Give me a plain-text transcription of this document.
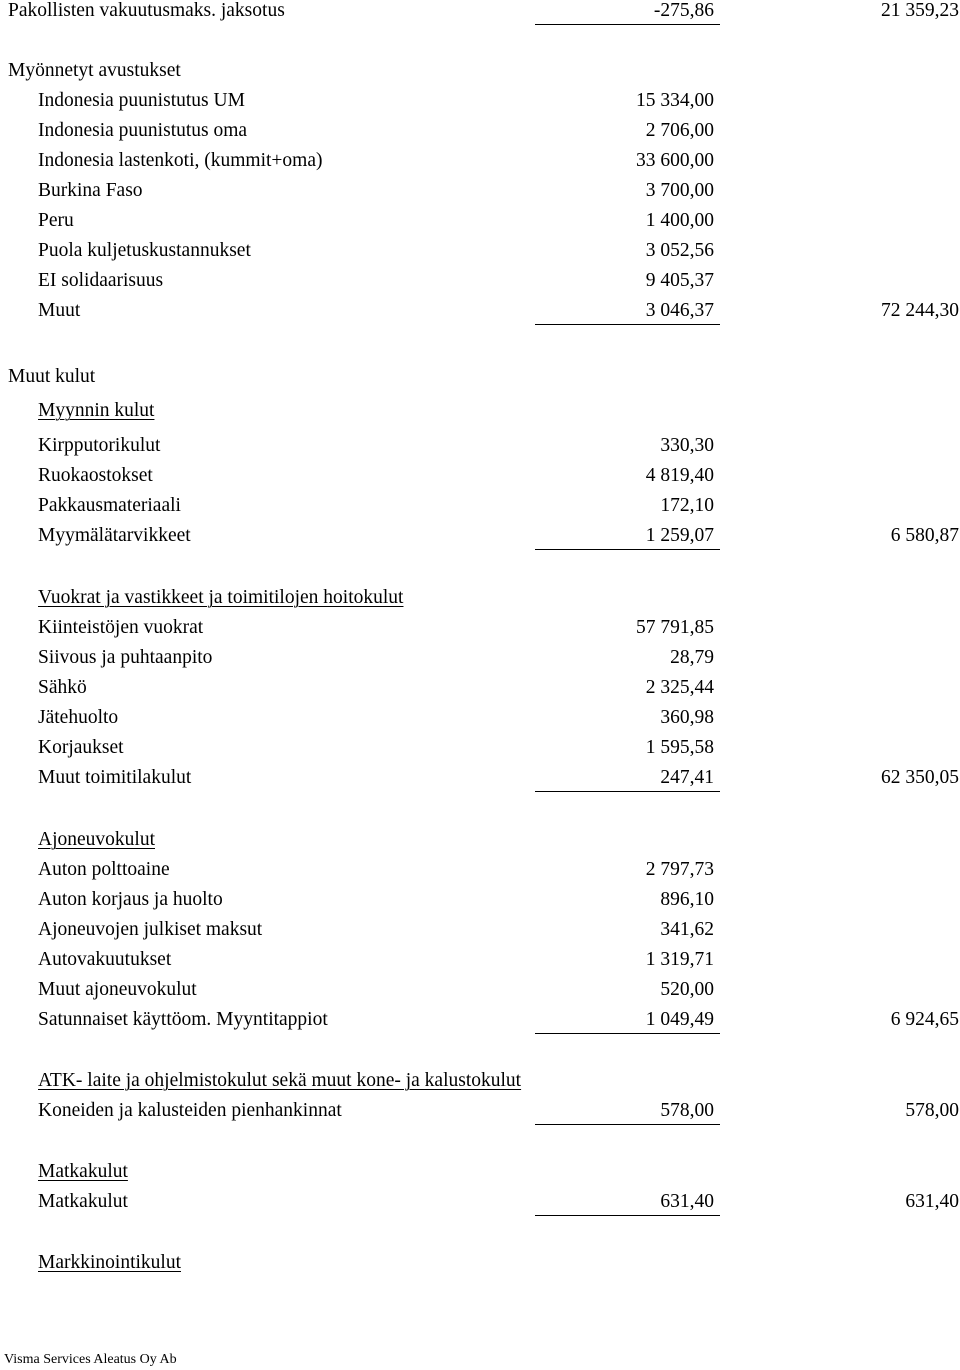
Pakollisten vakuutusmaks. jaksotus	-275,86	21 359,23
Myönnetyt avustukset
Indonesia puunistutus UM	15 334,00
Indonesia puunistutus oma	2 706,00
Indonesia lastenkoti, (kummit+oma)	33 600,00
Burkina Faso	3 700,00
Peru	1 400,00
Puola kuljetuskustannukset	3 052,56
EI solidaarisuus	9 405,37
Muut	3 046,37	72 244,30
Muut kulut
Myynnin kulut
Kirpputorikulut	330,30
Ruokaostokset	4 819,40
Pakkausmateriaali	172,10
Myymälätarvikkeet	1 259,07	6 580,87
Vuokrat ja vastikkeet ja toimitilojen hoitokulut
Kiinteistöjen vuokrat	57 791,85
Siivous ja puhtaanpito	28,79
Sähkö	2 325,44
Jätehuolto	360,98
Korjaukset	1 595,58
Muut toimitilakulut	247,41	62 350,05
Ajoneuvokulut
Auton polttoaine	2 797,73
Auton korjaus ja huolto	896,10
Ajoneuvojen julkiset maksut	341,62
Autovakuutukset	1 319,71
Muut ajoneuvokulut	520,00
Satunnaiset käyttöom. Myyntitappiot	1 049,49	6 924,65
ATK- laite ja ohjelmistokulut sekä muut kone- ja kalustokulut
Koneiden ja kalusteiden pienhankinnat	578,00	578,00
Matkakulut
Matkakulut	631,40	631,40
Markkinointikulut
Visma Services Aleatus Oy Ab
